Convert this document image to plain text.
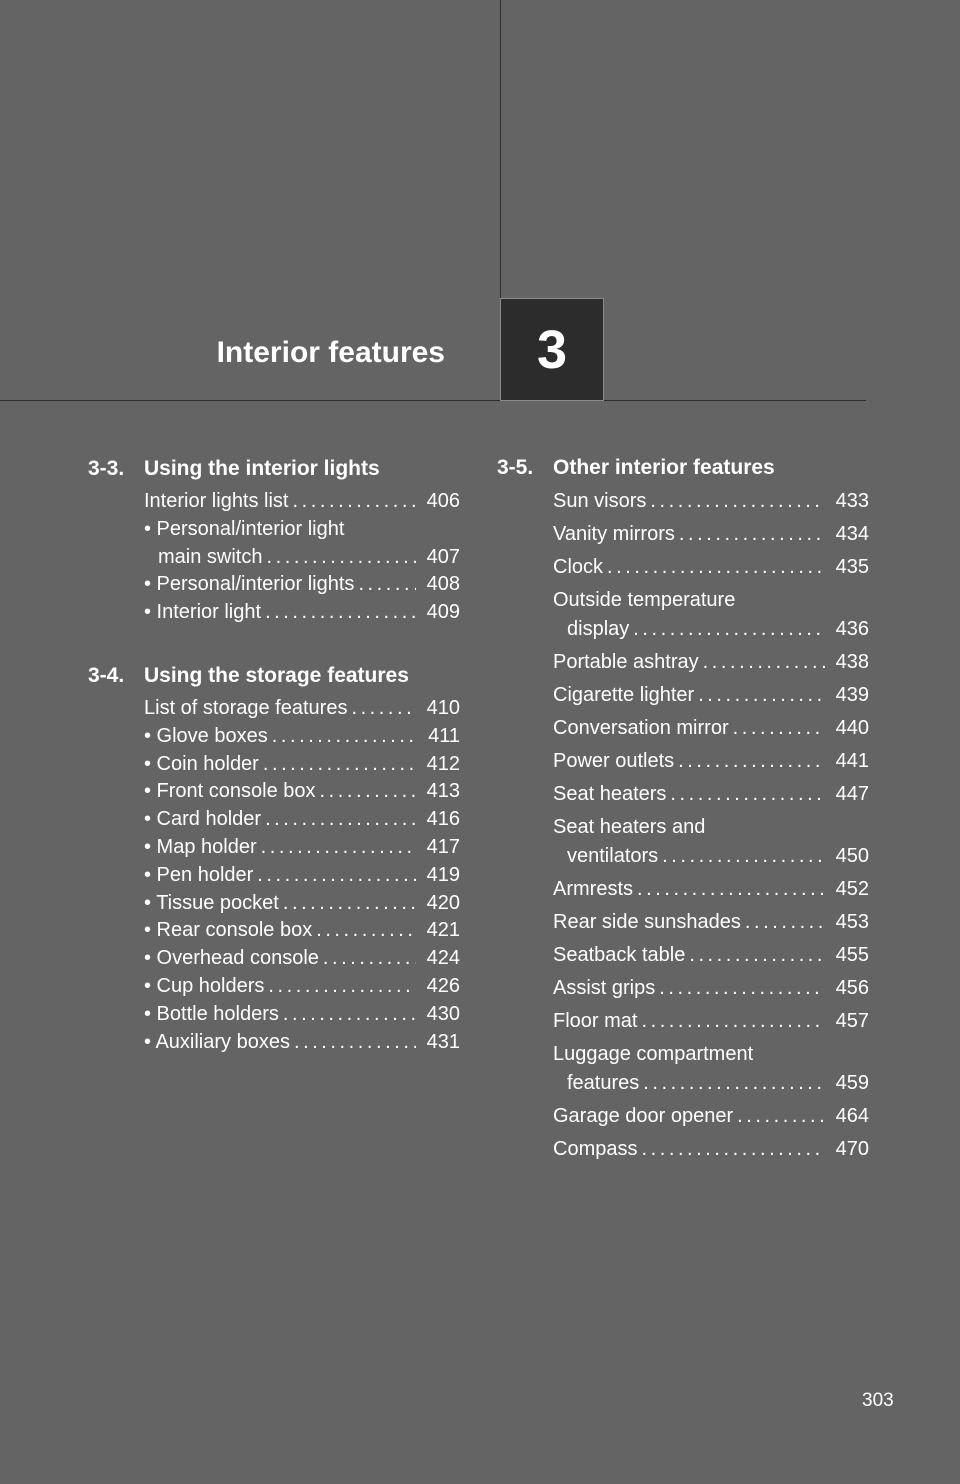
Interior features 3
3-3. Using the interior lights
Interior lights list . . .	406
• Personal/interior light
main switch . . .	407
• Personal/interior lights . . .	408
• Interior light . . .	409
3-4. Using the storage features
List of storage features . . .	410
• Glove boxes . . .	411
• Coin holder . . .	412
• Front console box . . .	413
• Card holder . . .	416
• Map holder . . .	417
• Pen holder . . .	419
• Tissue pocket . . .	420
• Rear console box . . .	421
• Overhead console . . .	424
• Cup holders . . .	426
• Bottle holders . . .	430
• Auxiliary boxes . . .	431
3-5. Other interior features
Sun visors . . .	433
Vanity mirrors . . .	434
Clock . . .	435
Outside temperature
display . . .	436
Portable ashtray . . .	438
Cigarette lighter . . .	439
Conversation mirror . . .	440
Power outlets . . .	441
Seat heaters . . .	447
Seat heaters and
ventilators . . .	450
Armrests . . .	452
Rear side sunshades . . .	453
Seatback table . . .	455
Assist grips . . .	456
Floor mat . . .	457
Luggage compartment
features . . .	459
Garage door opener . . .	464
Compass . . .	470
303
